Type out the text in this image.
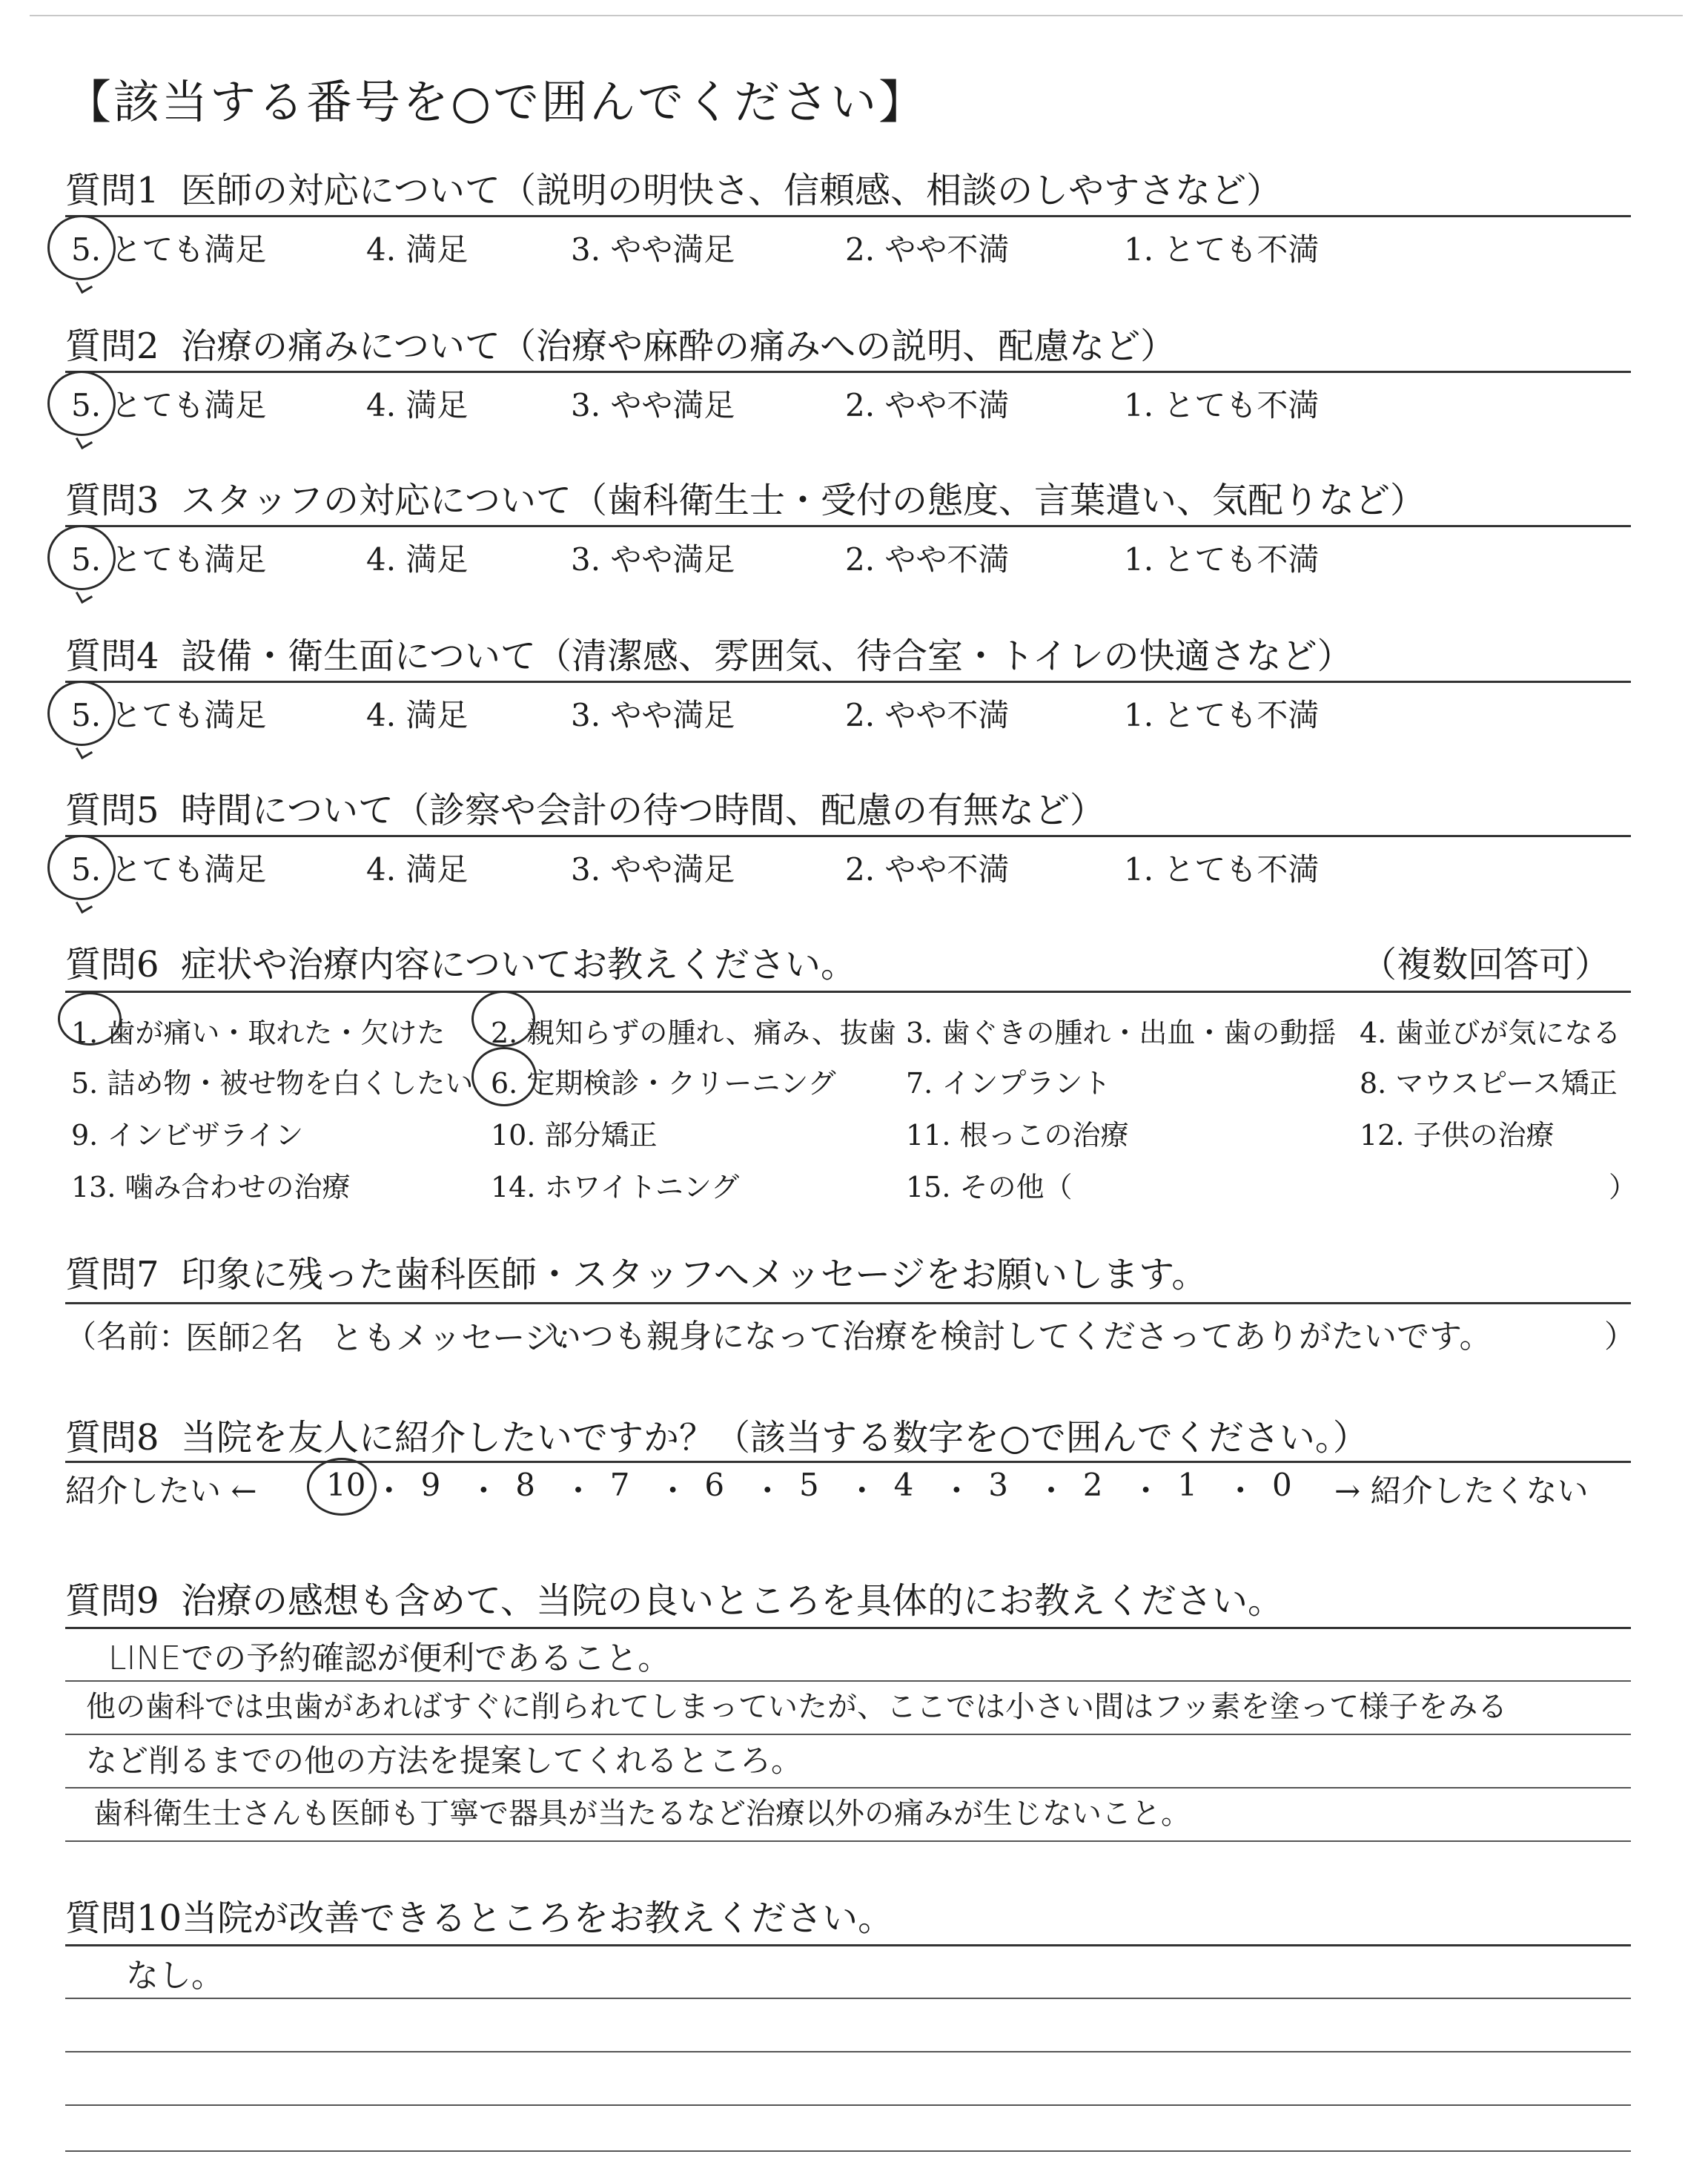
【該当する番号を○で囲んでください】
質問1 医師の対応について（説明の明快さ、信頼感、相談のしやすさなど）
5. とても満足	4. 満足	3. やや満足	2. やや不満	1. とても不満
質問2 治療の痛みについて（治療や麻酔の痛みへの説明、配慮など）
5. とても満足	4. 満足	3. やや満足	2. やや不満	1. とても不満
質問3 スタッフの対応について（歯科衛生士・受付の態度、言葉遣い、気配りなど）
5. とても満足	4. 満足	3. やや満足	2. やや不満	1. とても不満
質問4 設備・衛生面について（清潔感、雰囲気、待合室・トイレの快適さなど）
5. とても満足	4. 満足	3. やや満足	2. やや不満	1. とても不満
質問5 時間について（診察や会計の待つ時間、配慮の有無など）
5. とても満足	4. 満足	3. やや満足	2. やや不満	1. とても不満
質問6 症状や治療内容についてお教えください。	（複数回答可）
1. 歯が痛い・取れた・欠けた 2. 親知らずの腫れ、痛み、抜歯 3. 歯ぐきの腫れ・出血・歯の動揺 4. 歯並びが気になる
5. 詰め物・被せ物を白くしたい 6. 定期検診・クリーニング 7. インプラント	8. マウスピース矯正
9. インビザライン	10. 部分矯正	11. 根っこの治療	12. 子供の治療
13. 噛み合わせの治療	14. ホワイトニング	15. その他（	）
質問7 印象に残った歯科医師・スタッフへメッセージをお願いします。
（名前：
医師2名 ともメッセージ：
いつも親身になって治療を検討してくださってありがたいです。	）
質問8 当院を友人に紹介したいですか？（該当する数字を○で囲んでください。）
紹介したい ← 10 ・ 9 ・ 8 ・ 7 ・ 6 ・ 5 ・ 4 ・ 3 ・ 2 ・ 1 ・ 0 → 紹介したくない
質問9 治療の感想も含めて、当院の良いところを具体的にお教えください。
LINEでの予約確認が便利であること。
他の歯科では虫歯があればすぐに削られてしまっていたが、ここでは小さい間はフッ素を塗って様子をみる
など削るまでの他の方法を提案してくれるところ。
歯科衛生士さんも医師も丁寧で器具が当たるなど治療以外の痛みが生じないこと。
質問10当院が改善できるところをお教えください。
なし。
